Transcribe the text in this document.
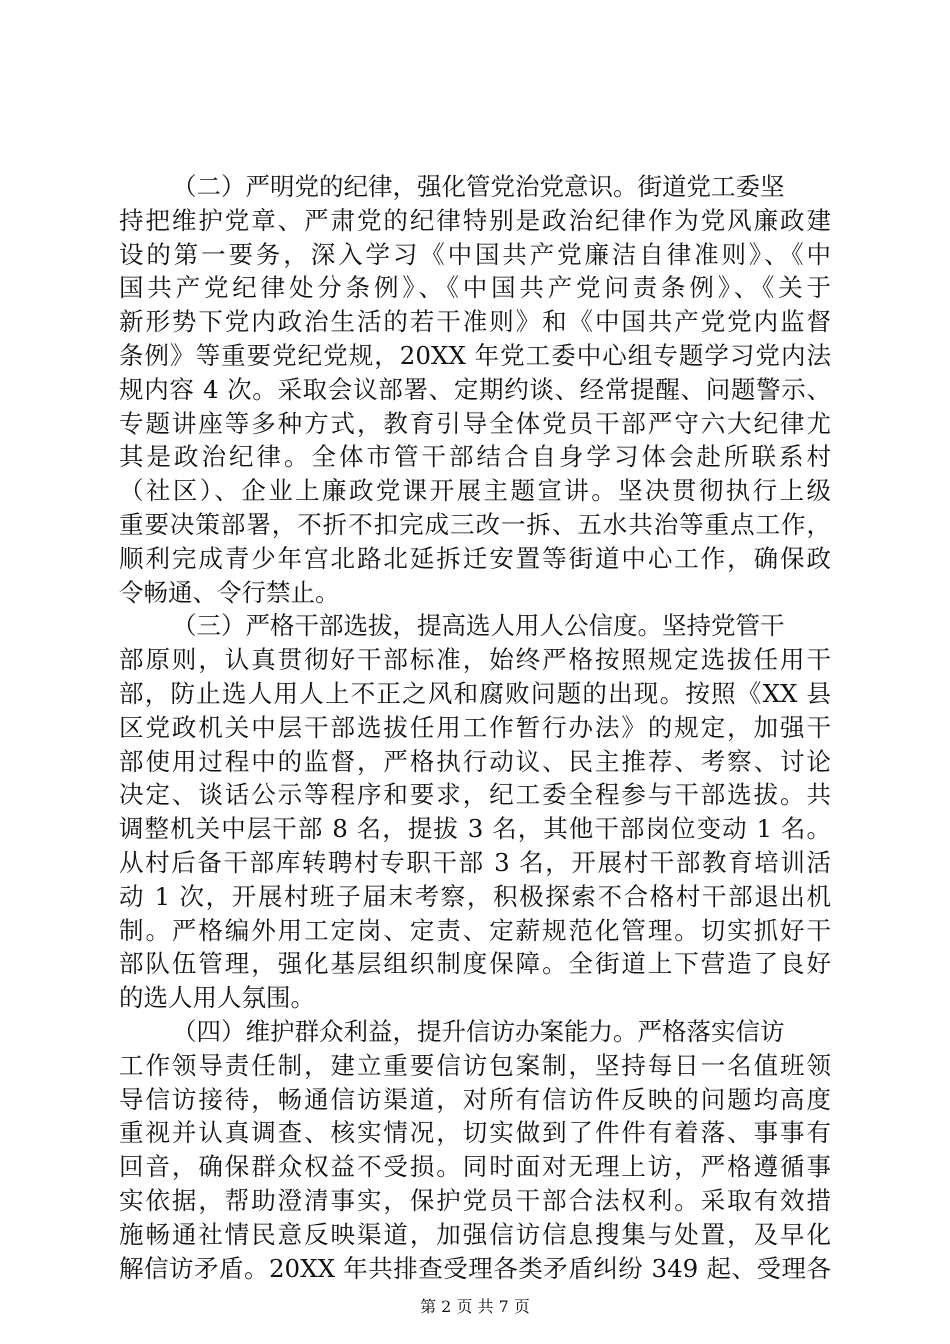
（二）严明党的纪律，强化管党治党意识。街道党工委坚
持把维护党章、严肃党的纪律特别是政治纪律作为党风廉政建
设的第一要务，深入学习《中国共产党廉洁自律准则》、《中
国共产党纪律处分条例》、《中国共产党问责条例》、《关于
新形势下党内政治生活的若干准则》和《中国共产党党内监督
条例》等重要党纪党规，20XX 年党工委中心组专题学习党内法
规内容 4 次。采取会议部署、定期约谈、经常提醒、问题警示、
专题讲座等多种方式，教育引导全体党员干部严守六大纪律尤
其是政治纪律。全体市管干部结合自身学习体会赴所联系村
（社区）、企业上廉政党课开展主题宣讲。坚决贯彻执行上级
重要决策部署，不折不扣完成三改一拆、五水共治等重点工作，
顺利完成青少年宫北路北延拆迁安置等街道中心工作，确保政
令畅通、令行禁止。
（三）严格干部选拔，提高选人用人公信度。坚持党管干
部原则，认真贯彻好干部标准，始终严格按照规定选拔任用干
部，防止选人用人上不正之风和腐败问题的出现。按照《XX 县
区党政机关中层干部选拔任用工作暂行办法》的规定，加强干
部使用过程中的监督，严格执行动议、民主推荐、考察、讨论
决定、谈话公示等程序和要求，纪工委全程参与干部选拔。共
调整机关中层干部 8 名，提拔 3 名，其他干部岗位变动 1 名。
从村后备干部库转聘村专职干部 3 名，开展村干部教育培训活
动 1 次，开展村班子届末考察，积极探索不合格村干部退出机
制。严格编外用工定岗、定责、定薪规范化管理。切实抓好干
部队伍管理，强化基层组织制度保障。全街道上下营造了良好
的选人用人氛围。
（四）维护群众利益，提升信访办案能力。严格落实信访
工作领导责任制，建立重要信访包案制，坚持每日一名值班领
导信访接待，畅通信访渠道，对所有信访件反映的问题均高度
重视并认真调查、核实情况，切实做到了件件有着落、事事有
回音，确保群众权益不受损。同时面对无理上访，严格遵循事
实依据，帮助澄清事实，保护党员干部合法权利。采取有效措
施畅通社情民意反映渠道，加强信访信息搜集与处置，及早化
解信访矛盾。20XX 年共排查受理各类矛盾纠纷 349 起、受理各
第 2 页 共 7 页
